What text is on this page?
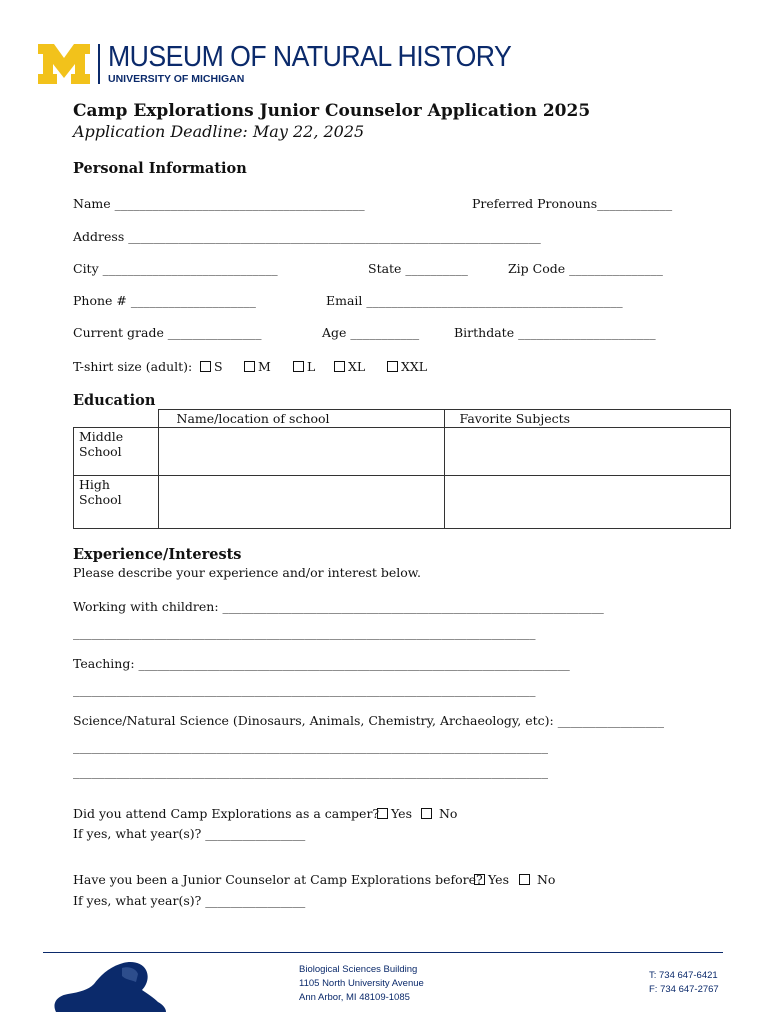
MUSEUM OF NATURAL HISTORY
UNIVERSITY OF MICHIGAN
Camp Explorations Junior Counselor Application 2025
Application Deadline: May 22, 2025
Personal Information
Name ________________________________________	Preferred Pronouns____________
Address __________________________________________________________________
City ____________________________	State __________	Zip Code _______________
Phone # ____________________	Email _________________________________________
Current grade _______________	Age ___________	Birthdate ______________________
T-shirt size (adult):	S	M	L	XL	XXL
Education
	Name/location of school	Favorite Subjects
Middle School		
High School		
Experience/Interests
Please describe your experience and/or interest below.
Working with children: _____________________________________________________________
__________________________________________________________________________
Teaching: _____________________________________________________________________
__________________________________________________________________________
Science/Natural Science (Dinosaurs, Animals, Chemistry, Archaeology, etc): _________________
____________________________________________________________________________
____________________________________________________________________________
Did you attend Camp Explorations as a camper? Yes	No
If yes, what year(s)? ________________
Have you been a Junior Counselor at Camp Explorations before? Yes	No
If yes, what year(s)? ________________
Biological Sciences Building
1105 North University Avenue
Ann Arbor, MI 48109-1085
T: 734 647-6421
F: 734 647-2767
